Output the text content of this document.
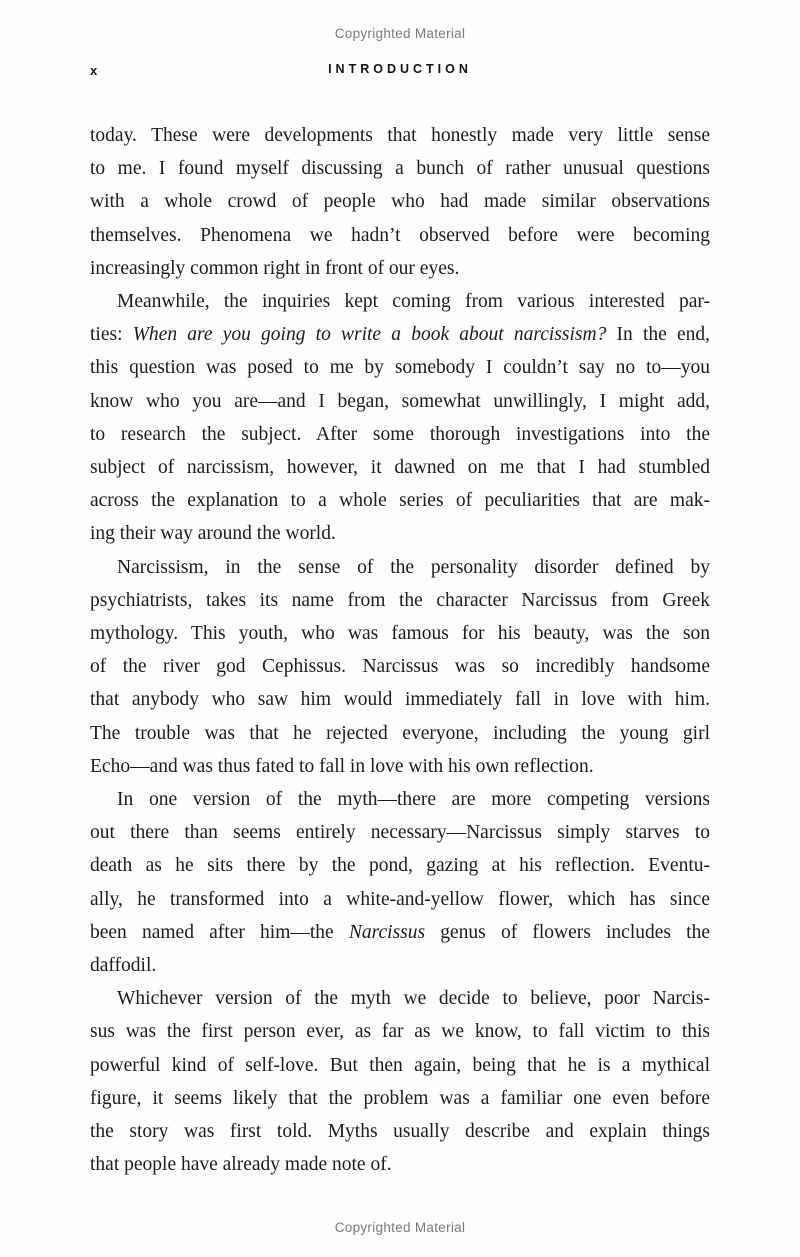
Copyrighted Material
x	INTRODUCTION
today. These were developments that honestly made very little sense
to me. I found myself discussing a bunch of rather unusual questions
with a whole crowd of people who had made similar observations
themselves. Phenomena we hadn’t observed before were becoming
increasingly common right in front of our eyes.
Meanwhile, the inquiries kept coming from various interested par-
ties: When are you going to write a book about narcissism? In the end,
this question was posed to me by somebody I couldn’t say no to—you
know who you are—and I began, somewhat unwillingly, I might add,
to research the subject. After some thorough investigations into the
subject of narcissism, however, it dawned on me that I had stumbled
across the explanation to a whole series of peculiarities that are mak-
ing their way around the world.
Narcissism, in the sense of the personality disorder defined by
psychiatrists, takes its name from the character Narcissus from Greek
mythology. This youth, who was famous for his beauty, was the son
of the river god Cephissus. Narcissus was so incredibly handsome
that anybody who saw him would immediately fall in love with him.
The trouble was that he rejected everyone, including the young girl
Echo—and was thus fated to fall in love with his own reflection.
In one version of the myth—there are more competing versions
out there than seems entirely necessary—Narcissus simply starves to
death as he sits there by the pond, gazing at his reflection. Eventu-
ally, he transformed into a white-and-yellow flower, which has since
been named after him—the Narcissus genus of flowers includes the
daffodil.
Whichever version of the myth we decide to believe, poor Narcis-
sus was the first person ever, as far as we know, to fall victim to this
powerful kind of self-love. But then again, being that he is a mythical
figure, it seems likely that the problem was a familiar one even before
the story was first told. Myths usually describe and explain things
that people have already made note of.
Copyrighted Material
